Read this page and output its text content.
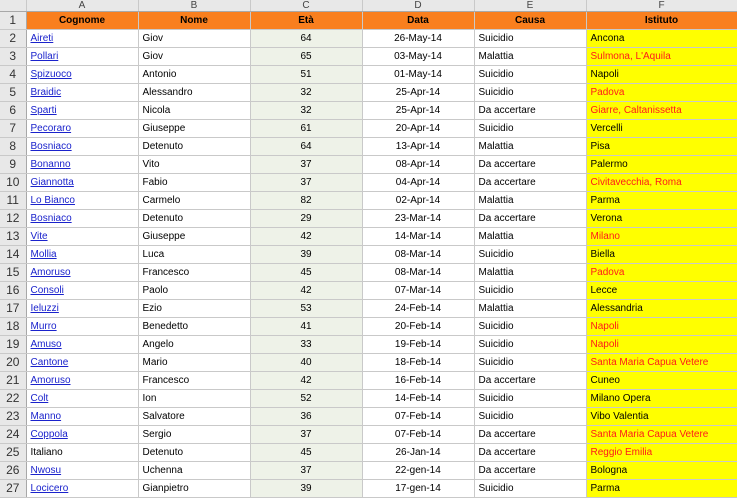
	A	B	C	D	E	F
1	Cognome	Nome	Età	Data	Causa	Istituto
2	Aireti	Giov	64	26-May-14	Suicidio	Ancona
3	Pollari	Giov	65	03-May-14	Malattia	Sulmona, L'Aquila
4	Spizuoco	Antonio	51	01-May-14	Suicidio	Napoli
5	Braidic	Alessandro	32	25-Apr-14	Suicidio	Padova
6	Sparti	Nicola	32	25-Apr-14	Da accertare	Giarre, Caltanissetta
7	Pecoraro	Giuseppe	61	20-Apr-14	Suicidio	Vercelli
8	Bosniaco	Detenuto	64	13-Apr-14	Malattia	Pisa
9	Bonanno	Vito	37	08-Apr-14	Da accertare	Palermo
10	Giannotta	Fabio	37	04-Apr-14	Da accertare	Civitavecchia, Roma
11	Lo Bianco	Carmelo	82	02-Apr-14	Malattia	Parma
12	Bosniaco	Detenuto	29	23-Mar-14	Da accertare	Verona
13	Vite	Giuseppe	42	14-Mar-14	Malattia	Milano
14	Mollia	Luca	39	08-Mar-14	Suicidio	Biella
15	Amoruso	Francesco	45	08-Mar-14	Malattia	Padova
16	Consoli	Paolo	42	07-Mar-14	Suicidio	Lecce
17	Ieluzzi	Ezio	53	24-Feb-14	Malattia	Alessandria
18	Murro	Benedetto	41	20-Feb-14	Suicidio	Napoli
19	Amuso	Angelo	33	19-Feb-14	Suicidio	Napoli
20	Cantone	Mario	40	18-Feb-14	Suicidio	Santa Maria Capua Vetere
21	Amoruso	Francesco	42	16-Feb-14	Da accertare	Cuneo
22	Colt	Ion	52	14-Feb-14	Suicidio	Milano Opera
23	Manno	Salvatore	36	07-Feb-14	Suicidio	Vibo Valentia
24	Coppola	Sergio	37	07-Feb-14	Da accertare	Santa Maria Capua Vetere
25	Italiano	Detenuto	45	26-Jan-14	Da accertare	Reggio Emilia
26	Nwosu	Uchenna	37	22-gen-14	Da accertare	Bologna
27	Locicero	Gianpietro	39	17-gen-14	Suicidio	Parma
